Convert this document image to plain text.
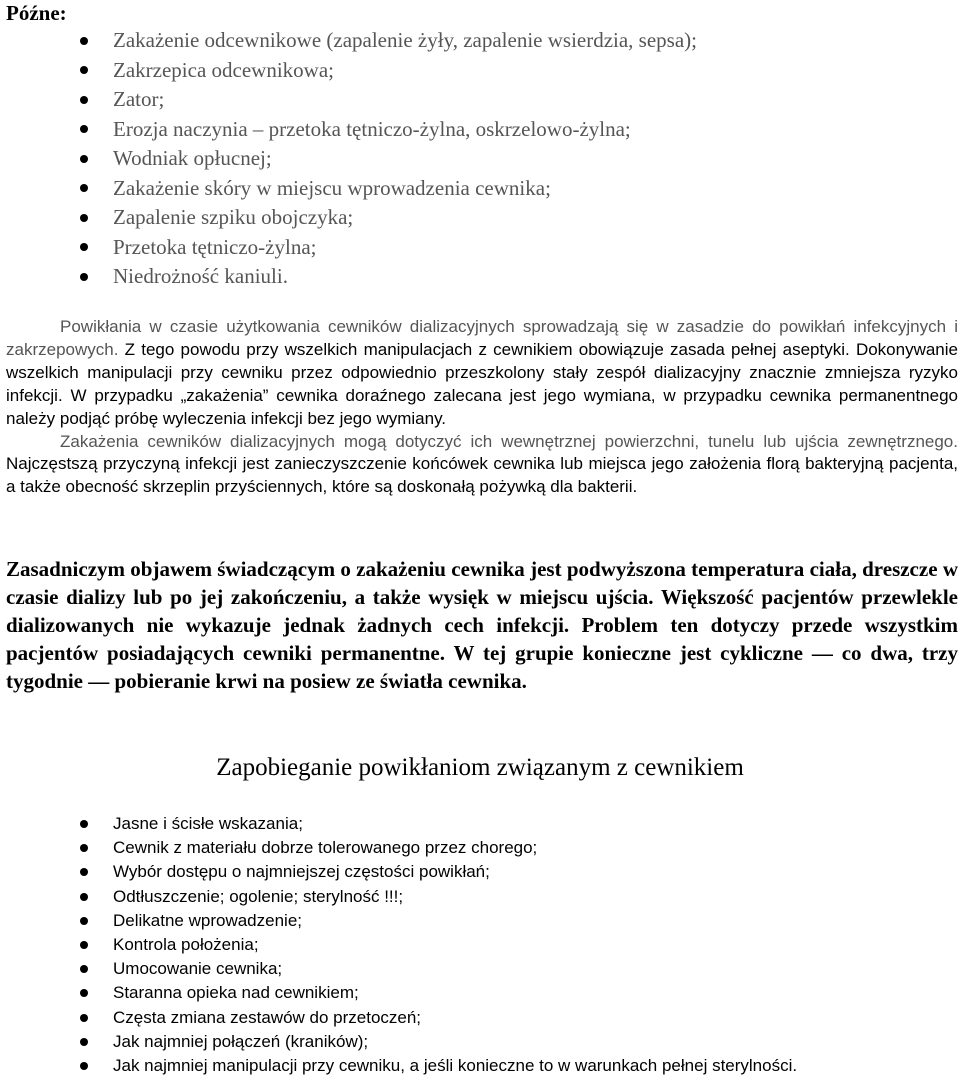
Późne:
Zakażenie odcewnikowe (zapalenie żyły, zapalenie wsierdzia, sepsa);
Zakrzepica odcewnikowa;
Zator;
Erozja naczynia – przetoka tętniczo-żylna, oskrzelowo-żylna;
Wodniak opłucnej;
Zakażenie skóry w miejscu wprowadzenia cewnika;
Zapalenie szpiku obojczyka;
Przetoka tętniczo-żylna;
Niedrożność kaniuli.

Powikłania w czasie użytkowania cewników dializacyjnych sprowadzają się w zasadzie do powikłań infekcyjnych i zakrzepowych. Z tego powodu przy wszelkich manipulacjach z cewnikiem obowiązuje zasada pełnej aseptyki. Dokonywanie wszelkich manipulacji przy cewniku przez odpowiednio przeszkolony stały zespół dializacyjny znacznie zmniejsza ryzyko infekcji. W przypadku „zakażenia” cewnika doraźnego zalecana jest jego wymiana, w przypadku cewnika permanentnego należy podjąć próbę wyleczenia infekcji bez jego wymiany.

Zakażenia cewników dializacyjnych mogą dotyczyć ich wewnętrznej powierzchni, tunelu lub ujścia zewnętrznego. Najczęstszą przyczyną infekcji jest zanieczyszczenie końcówek cewnika lub miejsca jego założenia florą bakteryjną pacjenta, a także obecność skrzeplin przyściennych, które są doskonałą pożywką dla bakterii.

Zasadniczym objawem świadczącym o zakażeniu cewnika jest podwyższona temperatura ciała, dreszcze w czasie dializy lub po jej zakończeniu, a także wysięk w miejscu ujścia. Większość pacjentów przewlekle dializowanych nie wykazuje jednak żadnych cech infekcji. Problem ten dotyczy przede wszystkim pacjentów posiadających cewniki permanentne. W tej grupie konieczne jest cykliczne — co dwa, trzy tygodnie — pobieranie krwi na posiew ze światła cewnika.

Zapobieganie powikłaniom związanym z cewnikiem
Jasne i ścisłe wskazania;
Cewnik z materiału dobrze tolerowanego przez chorego;
Wybór dostępu o najmniejszej częstości powikłań;
Odtłuszczenie; ogolenie; sterylność !!!;
Delikatne wprowadzenie;
Kontrola położenia;
Umocowanie cewnika;
Staranna opieka nad cewnikiem;
Częsta zmiana zestawów do przetoczeń;
Jak najmniej połączeń (kraników);
Jak najmniej manipulacji przy cewniku, a jeśli konieczne to w warunkach pełnej sterylności.
